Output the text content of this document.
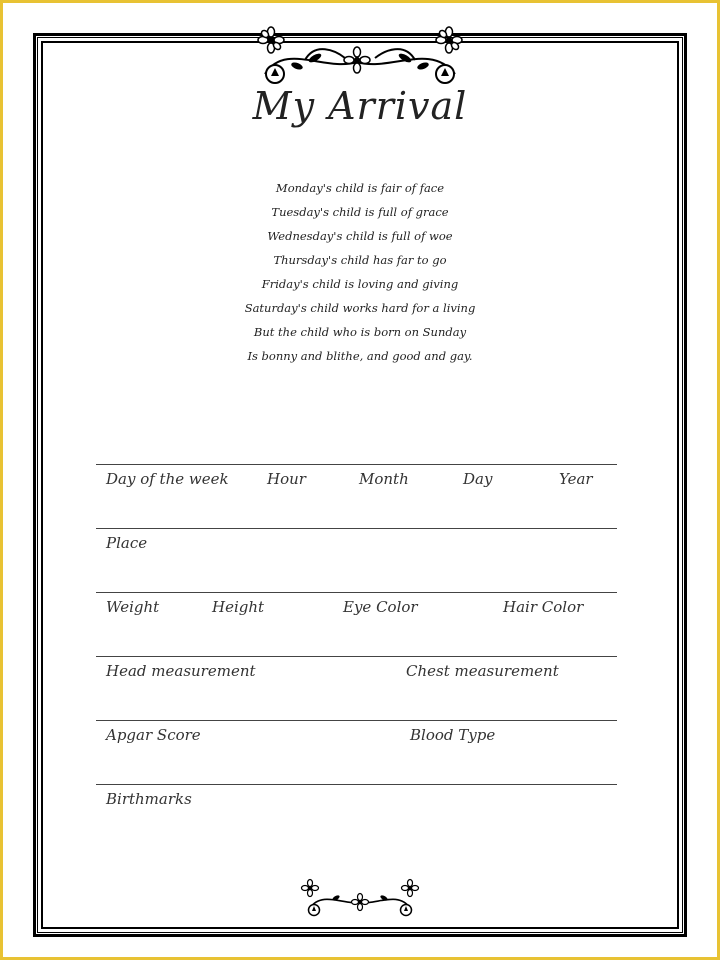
My Arrival
Monday's child is fair of face
Tuesday's child is full of grace
Wednesday's child is full of woe
Thursday's child has far to go
Friday's child is loving and giving
Saturday's child works hard for a living
But the child who is born on Sunday
Is bonny and blithe, and good and gay.
Day of the week	Hour	Month	Day	Year
Place
Weight	Height	Eye Color	Hair Color
Head measurement	Chest measurement
Apgar Score	Blood Type
Birthmarks
